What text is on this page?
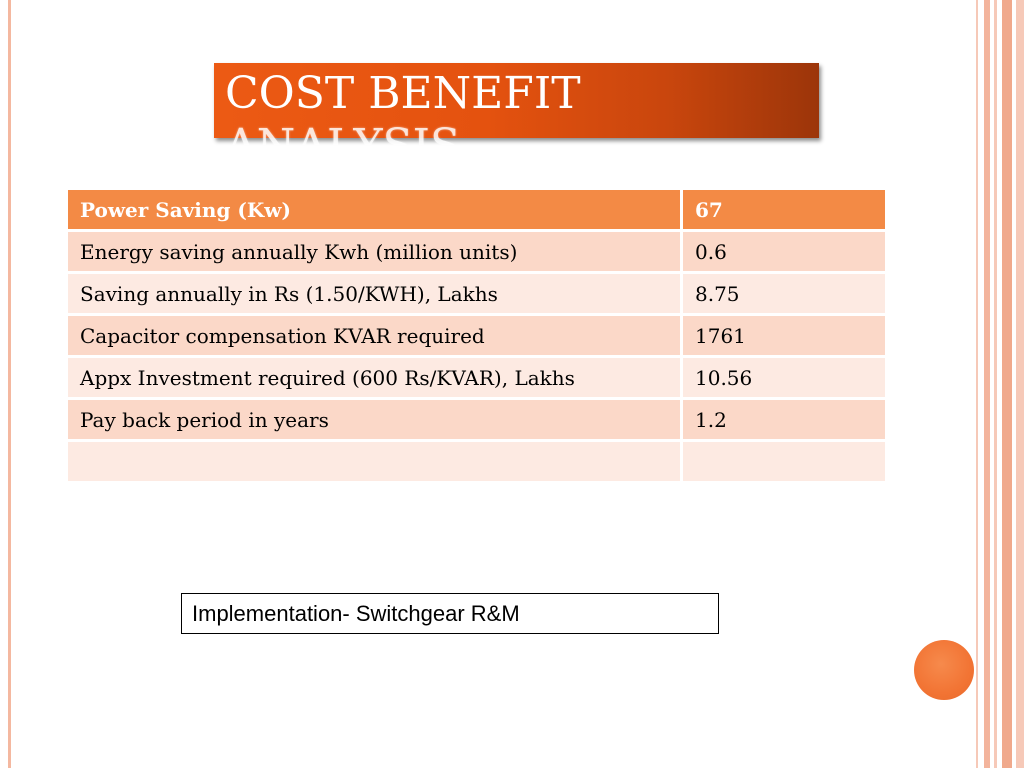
COST BENEFIT
ANALYSIS
Power Saving (Kw)	67
Energy saving annually Kwh (million units)	0.6
Saving annually in Rs (1.50/KWH), Lakhs	8.75
Capacitor compensation KVAR required	1761
Appx Investment required (600 Rs/KVAR), Lakhs	10.56
Pay back period in years	1.2

Implementation- Switchgear R&M
